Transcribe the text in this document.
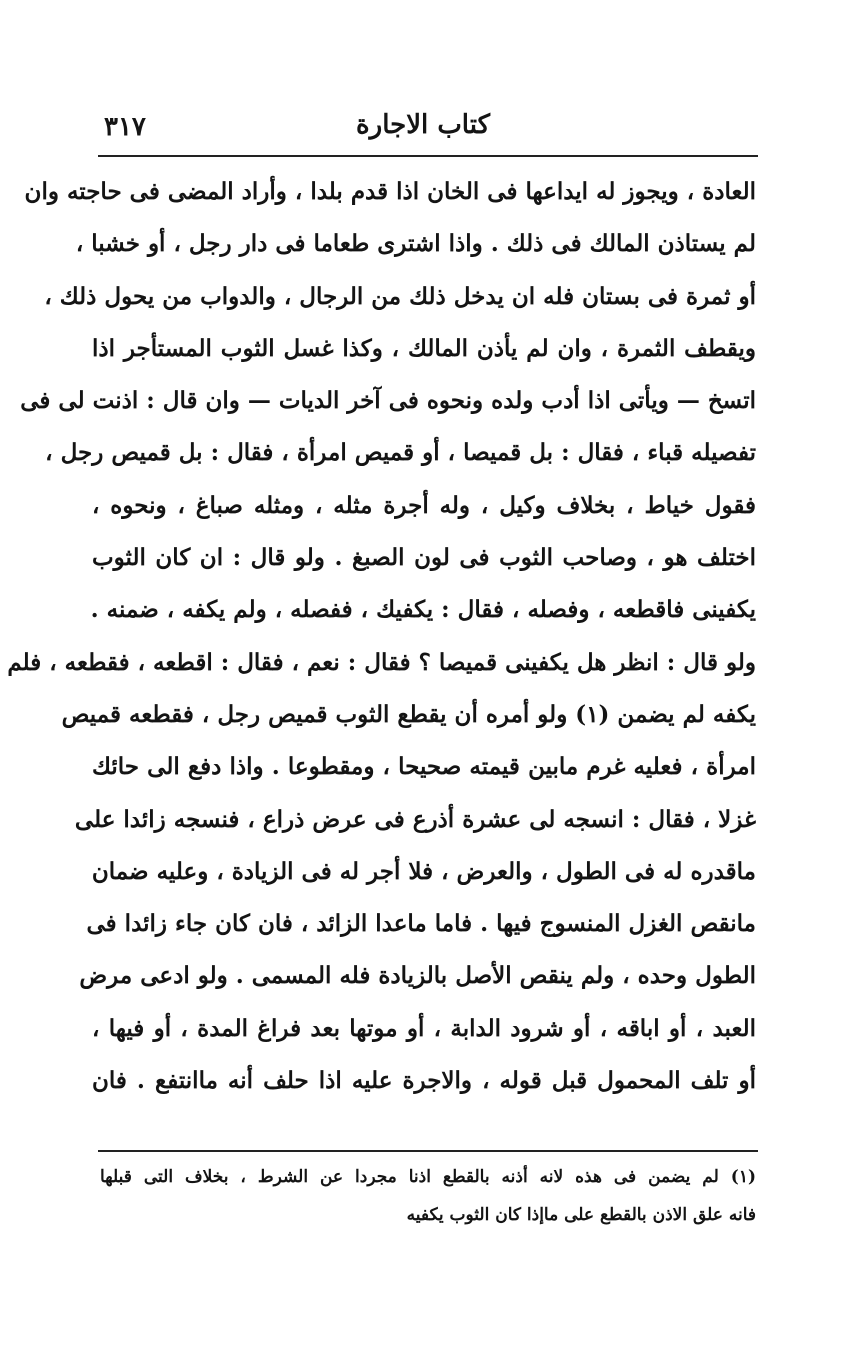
٣١٧	كتاب الاجارة
العادة ، ويجوز له ايداعها فى الخان اذا قدم بلدا ، وأراد المضى فى حاجته وان
لم يستاذن المالك فى ذلك . واذا اشترى طعاما فى دار رجل ، أو خشبا ،
أو ثمرة فى بستان فله ان يدخل ذلك من الرجال ، والدواب من يحول ذلك ،
ويقطف الثمرة ، وان لم يأذن المالك ، وكذا غسل الثوب المستأجر اذا
اتسخ — ويأتى اذا أدب ولده ونحوه فى آخر الديات — وان قال : اذنت لى فى
تفصيله قباء ، فقال : بل قميصا ، أو قميص امرأة ، فقال : بل قميص رجل ،
فقول خياط ، بخلاف وكيل ، وله أجرة مثله ، ومثله صباغ ، ونحوه ،
اختلف هو ، وصاحب الثوب فى لون الصبغ . ولو قال : ان كان الثوب
يكفينى فاقطعه ، وفصله ، فقال : يكفيك ، ففصله ، ولم يكفه ، ضمنه .
ولو قال : انظر هل يكفينى قميصا ؟ فقال : نعم ، فقال : اقطعه ، فقطعه ، فلم
يكفه لم يضمن (١) ولو أمره أن يقطع الثوب قميص رجل ، فقطعه قميص
امرأة ، فعليه غرم مابين قيمته صحيحا ، ومقطوعا . واذا دفع الى حائك
غزلا ، فقال : انسجه لى عشرة أذرع فى عرض ذراع ، فنسجه زائدا على
ماقدره له فى الطول ، والعرض ، فلا أجر له فى الزيادة ، وعليه ضمان
مانقص الغزل المنسوج فيها . فاما ماعدا الزائد ، فان كان جاء زائدا فى
الطول وحده ، ولم ينقص الأصل بالزيادة فله المسمى . ولو ادعى مرض
العبد ، أو اباقه ، أو شرود الدابة ، أو موتها بعد فراغ المدة ، أو فيها ،
أو تلف المحمول قبل قوله ، والاجرة عليه اذا حلف أنه ماانتفع . فان
(١) لم يضمن فى هذه لانه أذنه بالقطع اذنا مجردا عن الشرط ، بخلاف التى قبلها
فانه علق الاذن بالقطع على ماإذا كان الثوب يكفيه
